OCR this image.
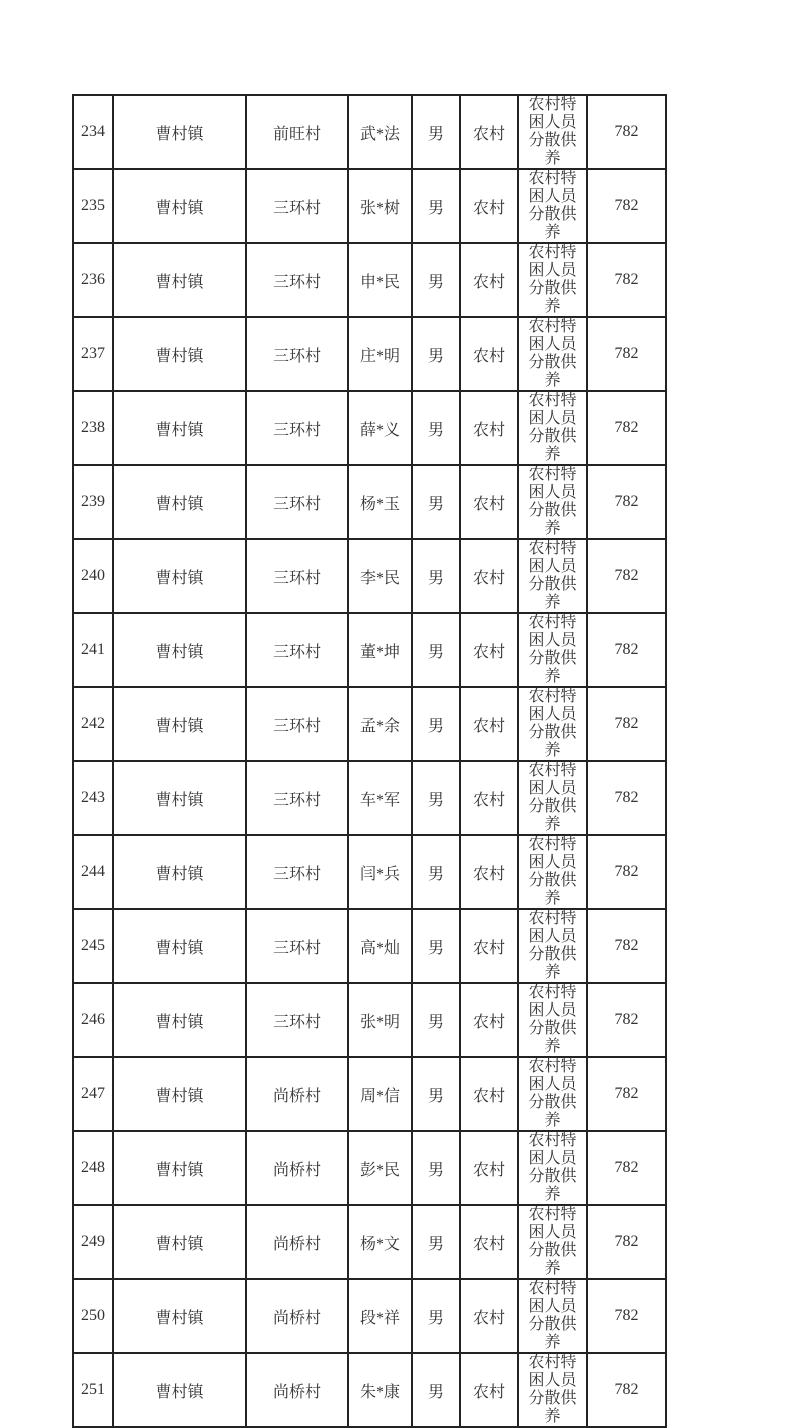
234	曹村镇	前旺村	武*法	男	农村	农村特困人员分散供养	782
235	曹村镇	三环村	张*树	男	农村	农村特困人员分散供养	782
236	曹村镇	三环村	申*民	男	农村	农村特困人员分散供养	782
237	曹村镇	三环村	庄*明	男	农村	农村特困人员分散供养	782
238	曹村镇	三环村	薛*义	男	农村	农村特困人员分散供养	782
239	曹村镇	三环村	杨*玉	男	农村	农村特困人员分散供养	782
240	曹村镇	三环村	李*民	男	农村	农村特困人员分散供养	782
241	曹村镇	三环村	董*坤	男	农村	农村特困人员分散供养	782
242	曹村镇	三环村	孟*余	男	农村	农村特困人员分散供养	782
243	曹村镇	三环村	车*军	男	农村	农村特困人员分散供养	782
244	曹村镇	三环村	闫*兵	男	农村	农村特困人员分散供养	782
245	曹村镇	三环村	高*灿	男	农村	农村特困人员分散供养	782
246	曹村镇	三环村	张*明	男	农村	农村特困人员分散供养	782
247	曹村镇	尚桥村	周*信	男	农村	农村特困人员分散供养	782
248	曹村镇	尚桥村	彭*民	男	农村	农村特困人员分散供养	782
249	曹村镇	尚桥村	杨*文	男	农村	农村特困人员分散供养	782
250	曹村镇	尚桥村	段*祥	男	农村	农村特困人员分散供养	782
251	曹村镇	尚桥村	朱*康	男	农村	农村特困人员分散供养	782
